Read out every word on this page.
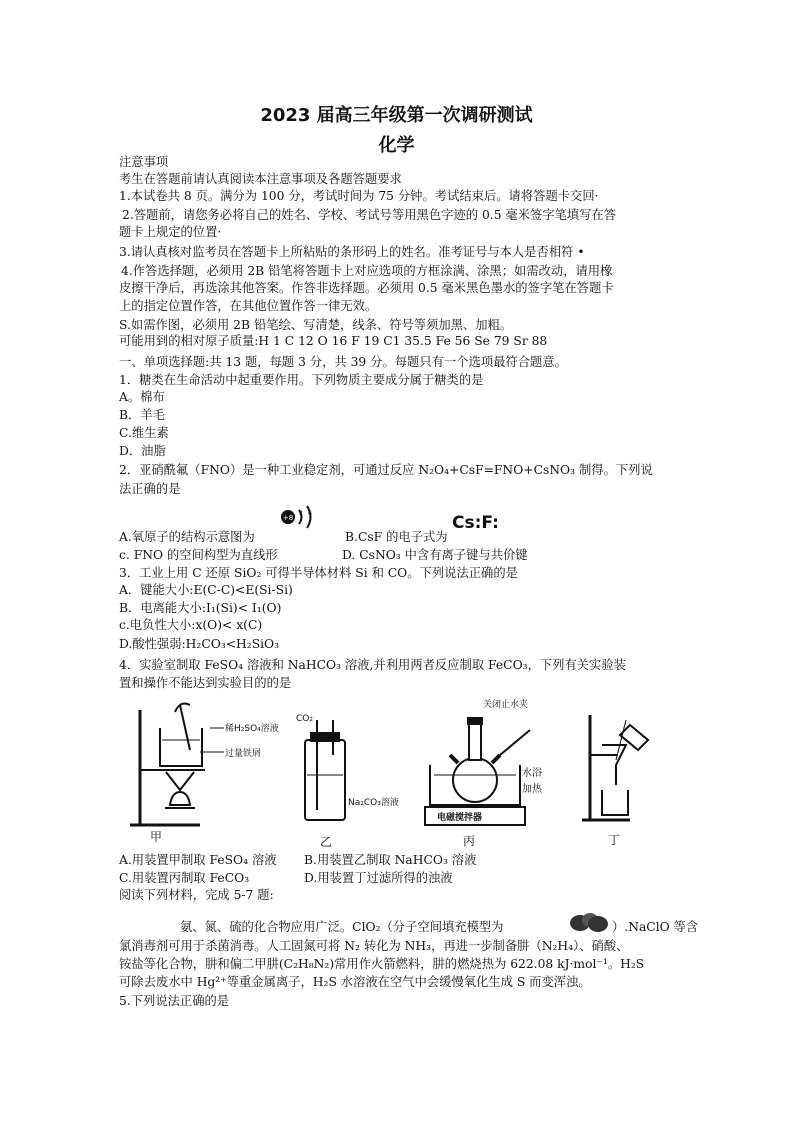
2023 届高三年级第一次调研测试
化学
注意事项
考生在答题前请认真阅读本注意事项及各题答题要求
1.本试卷共 8 页。满分为 100 分，考试时间为 75 分钟。考试结束后。请将答题卡交回·
2.答题前，请您务必将自己的姓名、学校、考试号等用黑色字迹的 0.5 毫米签字笔填写在答
题卡上规定的位置·
3.请认真核对监考员在答题卡上所粘贴的条形码上的姓名。准考证号与本人是否相符 •
4.作答选择题，必须用 2B 铅笔将答题卡上对应选项的方框涂满、涂黑；如需改动，请用橡
皮擦干净后，再选涂其他答案。作答非选择题。必须用 0.5 毫米黑色墨水的签字笔在答题卡
上的指定位置作答，在其他位置作答一律无效。
S.如需作图，必须用 2B 铅笔绘、写清楚，线条、符号等须加黑、加粗。
可能用到的相对原子质量:H 1 C 12 O 16 F 19 C1 35.5 Fe 56 Se 79 Sr 88
一、单项选择题:共 13 题，每题 3 分，共 39 分。每题只有一个选项最符合题意。
1．糖类在生命活动中起重要作用。下列物质主要成分属于糖类的是
A。棉布
B．羊毛
C.维生素
D．油脂
2．亚硝酰氟（FNO）是一种工业稳定剂，可通过反应 N₂O₄+CsF=FNO+CsNO₃ 制得。下列说
法正确的是
+8
2 6
A.氧原子的结构示意图为	B.CsF 的电子式为
Cs:F:
c. FNO 的空间构型为直线形	D. CsNO₃ 中含有离子键与共价键
3．工业上用 C 还原 SiO₂ 可得半导体材料 Si 和 CO。下列说法正确的是
A．键能大小:E(C-C)<E(Si-Si)
B．电离能大小:I₁(Si)< I₁(O)
c.电负性大小:x(O)< x(C)
D.酸性强弱:H₂CO₃<H₂SiO₃
4．实验室制取 FeSO₄ 溶液和 NaHCO₃ 溶液,并利用两者反应制取 FeCO₃，下列有关实验装
置和操作不能达到实验目的的是
稀H₂SO₄溶液
过量铁屑
甲
CO₂
Na₂CO₃溶液
乙
关闭止水夹
水浴
加热
电磁搅拌器
丙	丁
A.用装置甲制取 FeSO₄ 溶液 B.用装置乙制取 NaHCO₃ 溶液
C.用装置丙制取 FeCO₃	D.用装置丁过滤所得的浊液
阅读下列材料，完成 5-7 题:
氨、氮、硫的化合物应用广泛。ClO₂（分子空间填充模型为	）.NaClO 等含
氯消毒剂可用于杀菌消毒。人工固氮可将 N₂ 转化为 NH₃，再进一步制备肼（N₂H₄）、硝酸、
铵盐等化合物，肼和偏二甲肼(C₂H₈N₂)常用作火箭燃料，肼的燃烧热为 622.08 kJ·mol⁻¹。H₂S
可除去废水中 Hg²⁺等重金属离子，H₂S 水溶液在空气中会缓慢氧化生成 S 而变浑浊。
5.下列说法正确的是
